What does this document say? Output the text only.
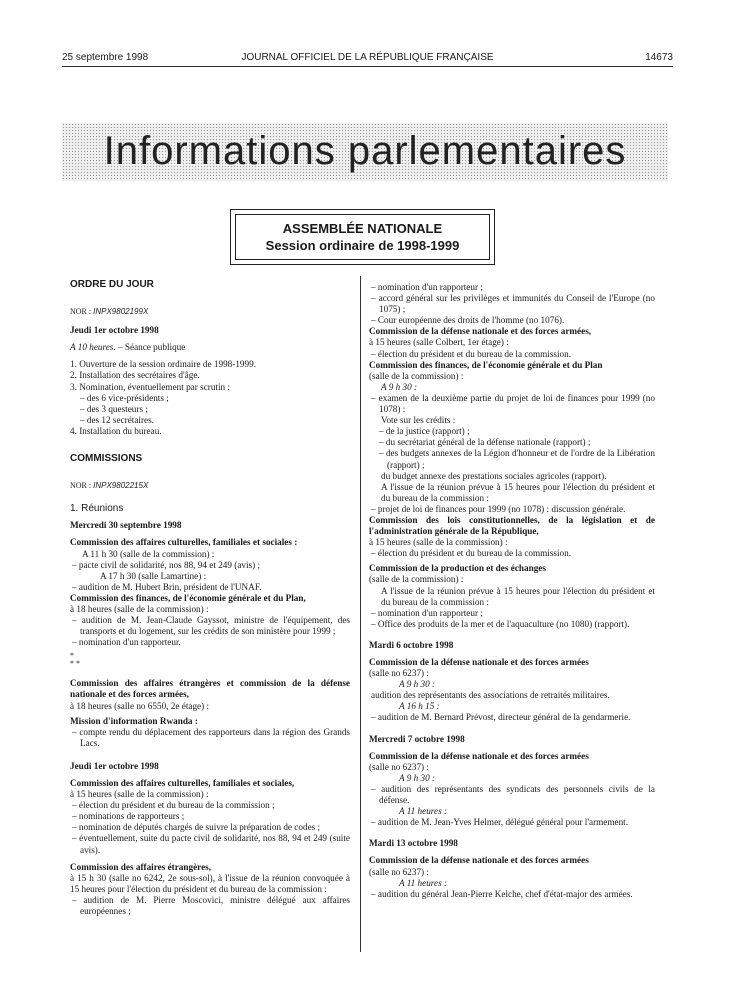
25 septembre 1998	JOURNAL OFFICIEL DE LA RÉPUBLIQUE FRANÇAISE	14673
Informations parlementaires
ASSEMBLÉE NATIONALE
Session ordinaire de 1998-1999

ORDRE DU JOUR

NOR : INPX9802199X

Jeudi 1er octobre 1998

A 10 heures. – Séance publique

1. Ouverture de la session ordinaire de 1998-1999.

2. Installation des secrétaires d'âge.

3. Nomination, éventuellement par scrutin :

– des 6 vice-présidents ;

– des 3 questeurs ;

– des 12 secrétaires.

4. Installation du bureau.

COMMISSIONS

NOR : INPX9802215X

1. Réunions

Mercredi 30 septembre 1998

Commission des affaires culturelles, familiales et sociales :

A 11 h 30 (salle de la commission) :

– pacte civil de solidarité, nos 88, 94 et 249 (avis) ;

A 17 h 30 (salle Lamartine) :

– audition de M. Hubert Brin, président de l'UNAF.

Commission des finances, de l'économie générale et du Plan,

à 18 heures (salle de la commission) :

– audition de M. Jean-Claude Gayssot, ministre de l'équipement, des transports et du logement, sur les crédits de son ministère pour 1999 ;

– nomination d'un rapporteur.

*

* *

Commission des affaires étrangères et commission de la défense nationale et des forces armées,

à 18 heures (salle no 6550, 2e étage) :

Mission d'information Rwanda :

– compte rendu du déplacement des rapporteurs dans la région des Grands Lacs.

Jeudi 1er octobre 1998

Commission des affaires culturelles, familiales et sociales,

à 15 heures (salle de la commission) :

– élection du président et du bureau de la commission ;

– nominations de rapporteurs ;

– nomination de députés chargés de suivre la préparation de codes ;

– éventuellement, suite du pacte civil de solidarité, nos 88, 94 et 249 (suite avis).

Commission des affaires étrangères,

à 15 h 30 (salle no 6242, 2e sous-sol), à l'issue de la réunion convoquée à 15 heures pour l'élection du président et du bureau de la commission :

– audition de M. Pierre Moscovici, ministre délégué aux affaires européennes ;

– nomination d'un rapporteur ;

– accord général sur les privilèges et immunités du Conseil de l'Europe (no 1075) ;

– Cour européenne des droits de l'homme (no 1076).

Commission de la défense nationale et des forces armées,

à 15 heures (salle Colbert, 1er étage) :

– élection du président et du bureau de la commission.

Commission des finances, de l'économie générale et du Plan

(salle de la commission) :

A 9 h 30 :

– examen de la deuxième partie du projet de loi de finances pour 1999 (no 1078) :

Vote sur les crédits :

– de la justice (rapport) ;

– du secrétariat général de la défense nationale (rapport) ;

– des budgets annexes de la Légion d'honneur et de l'ordre de la Libération (rapport) ;

du budget annexe des prestations sociales agricoles (rapport).

A l'issue de la réunion prévue à 15 heures pour l'élection du président et du bureau de la commission :

– projet de loi de finances pour 1999 (no 1078) : discussion générale.

Commission des lois constitutionnelles, de la législation et de l'administration générale de la République,

à 15 heures (salle de la commission) :

– élection du président et du bureau de la commission.

Commission de la production et des échanges

(salle de la commission) :

A l'issue de la réunion prévue à 15 heures pour l'élection du président et du bureau de la commission :

– nomination d'un rapporteur ;

– Office des produits de la mer et de l'aquaculture (no 1080) (rapport).

Mardi 6 octobre 1998

Commission de la défense nationale et des forces armées

(salle no 6237) :

A 9 h 30 :

audition des représentants des associations de retraités militaires.

A 16 h 15 :

– audition de M. Bernard Prévost, directeur général de la gendarmerie.

Mercredi 7 octobre 1998

Commission de la défense nationale et des forces armées

(salle no 6237) :

A 9 h 30 :

– audition des représentants des syndicats des personnels civils de la défense.

A 11 heures :

– audition de M. Jean-Yves Helmer, délégué général pour l'armement.

Mardi 13 octobre 1998

Commission de la défense nationale et des forces armées

(salle no 6237) :

A 11 heures :

– audition du général Jean-Pierre Kelche, chef d'état-major des armées.
